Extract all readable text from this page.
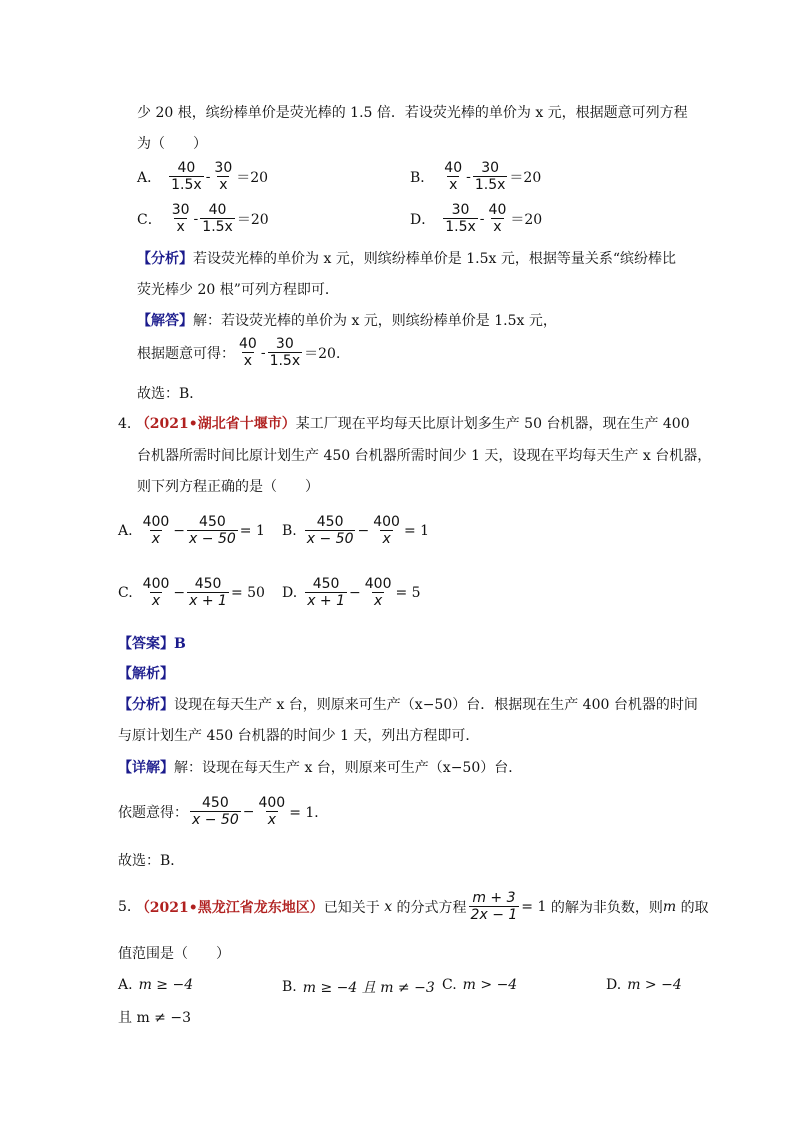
少 20 根，缤纷棒单价是荧光棒的 1.5 倍．若设荧光棒的单价为 x 元，根据题意可列方程
为（　　）
A． $\frac{40}{1.5x} - \frac{30}{x} =20$	B． $\frac{40}{x} - \frac{30}{1.5x} =20$
C． $\frac{30}{x} - \frac{40}{1.5x} =20$	D． $\frac{30}{1.5x} - \frac{40}{x} =20$
【分析】若设荧光棒的单价为 x 元，则缤纷棒单价是 1.5x 元，根据等量关系“缤纷棒比
荧光棒少 20 根”可列方程即可．
【解答】解：若设荧光棒的单价为 x 元，则缤纷棒单价是 1.5x 元，
根据题意可得： $\frac{40}{x} - \frac{30}{1.5x} =20$．
故选：B．
4. （2021•湖北省十堰市）某工厂现在平均每天比原计划多生产 50 台机器，现在生产 400
台机器所需时间比原计划生产 450 台机器所需时间少 1 天，设现在平均每天生产 x 台机器，
则下列方程正确的是（　　）
A. $\frac{400}{x} - \frac{450}{x - 50} = 1$ B. $\frac{450}{x - 50} - \frac{400}{x} = 1$
C. $\frac{400}{x} - \frac{450}{x + 1} = 50$ D. $\frac{450}{x + 1} - \frac{400}{x} = 5$
【答案】B
【解析】
【分析】设现在每天生产 x 台，则原来可生产（x−50）台．根据现在生产 400 台机器的时间
与原计划生产 450 台机器的时间少 1 天，列出方程即可．
【详解】解：设现在每天生产 x 台，则原来可生产（x−50）台．
依题意得： $\frac{450}{x - 50} - \frac{400}{x} = 1$．
故选：B．
5.
（2021•黑龙江省龙东地区） 已知关于
x
的分式方程 $\frac{m + 3}{2x - 1} = 1$
的解为非负数，则 m
的取
值范围是（　　）
A. m ≥ −4	B. m ≥ −4 且 m ≠ −3 C. m > −4	D. m > −4
且 m ≠ −3
